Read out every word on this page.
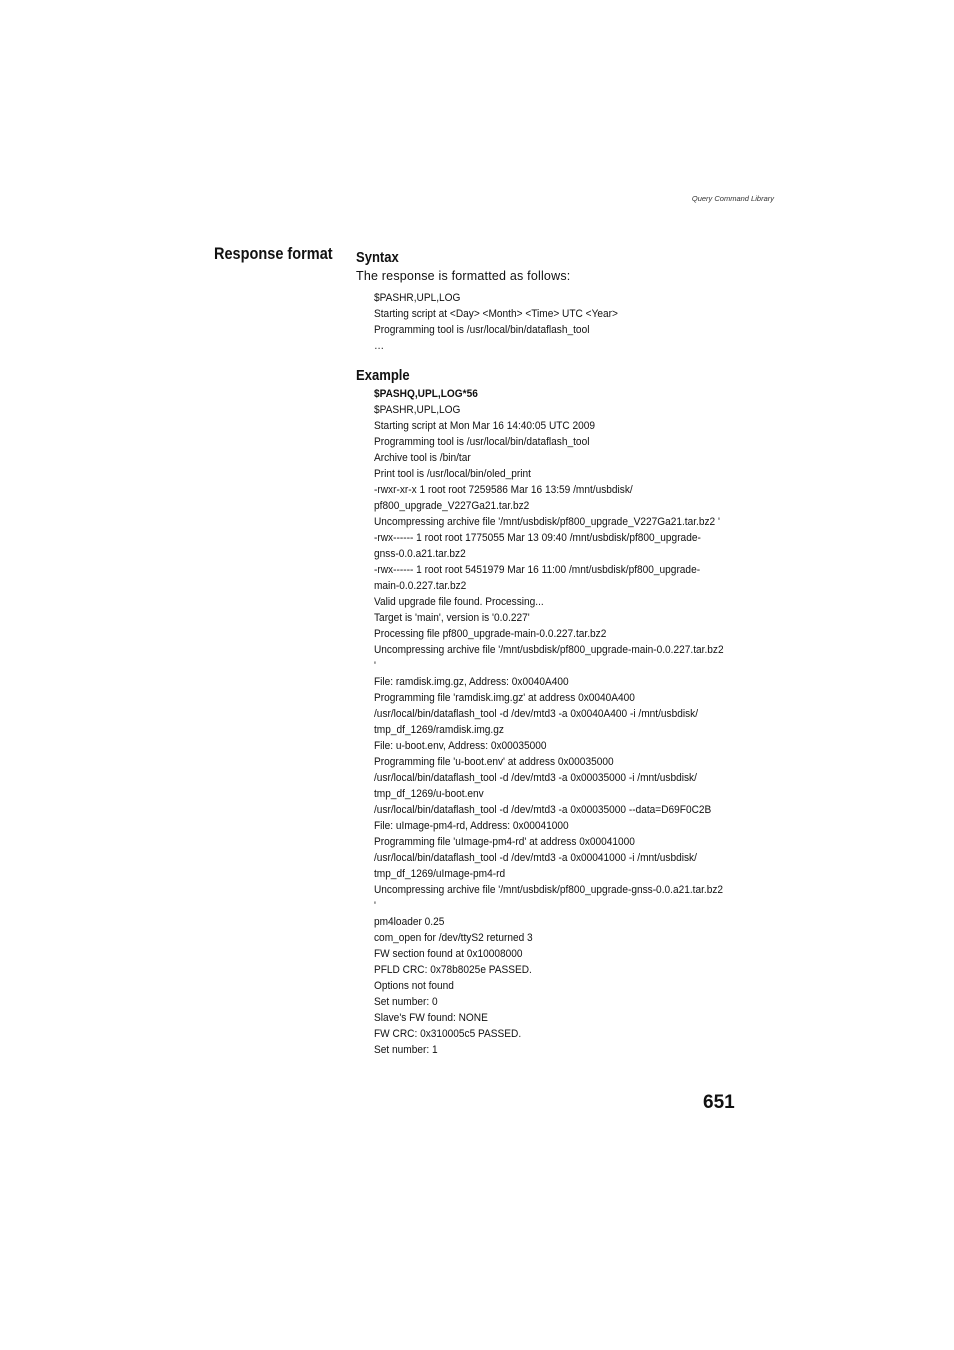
Query Command Library
Response format Syntax
The response is formatted as follows:
$PASHR,UPL,LOG
Starting script at <Day> <Month> <Time> UTC <Year>
Programming tool is /usr/local/bin/dataflash_tool
…
Example
$PASHQ,UPL,LOG*56
$PASHR,UPL,LOG
Starting script at Mon Mar 16 14:40:05 UTC 2009
Programming tool is /usr/local/bin/dataflash_tool
Archive tool is /bin/tar
Print tool is /usr/local/bin/oled_print
-rwxr-xr-x 1 root root 7259586 Mar 16 13:59 /mnt/usbdisk/
pf800_upgrade_V227Ga21.tar.bz2
Uncompressing archive file '/mnt/usbdisk/pf800_upgrade_V227Ga21.tar.bz2 '
-rwx------ 1 root root 1775055 Mar 13 09:40 /mnt/usbdisk/pf800_upgrade-
gnss-0.0.a21.tar.bz2
-rwx------ 1 root root 5451979 Mar 16 11:00 /mnt/usbdisk/pf800_upgrade-
main-0.0.227.tar.bz2
Valid upgrade file found. Processing...
Target is 'main', version is '0.0.227'
Processing file pf800_upgrade-main-0.0.227.tar.bz2
Uncompressing archive file '/mnt/usbdisk/pf800_upgrade-main-0.0.227.tar.bz2
'
File: ramdisk.img.gz, Address: 0x0040A400
Programming file 'ramdisk.img.gz' at address 0x0040A400
/usr/local/bin/dataflash_tool -d /dev/mtd3 -a 0x0040A400 -i /mnt/usbdisk/
tmp_df_1269/ramdisk.img.gz
File: u-boot.env, Address: 0x00035000
Programming file 'u-boot.env' at address 0x00035000
/usr/local/bin/dataflash_tool -d /dev/mtd3 -a 0x00035000 -i /mnt/usbdisk/
tmp_df_1269/u-boot.env
/usr/local/bin/dataflash_tool -d /dev/mtd3 -a 0x00035000 --data=D69F0C2B
File: uImage-pm4-rd, Address: 0x00041000
Programming file 'uImage-pm4-rd' at address 0x00041000
/usr/local/bin/dataflash_tool -d /dev/mtd3 -a 0x00041000 -i /mnt/usbdisk/
tmp_df_1269/uImage-pm4-rd
Uncompressing archive file '/mnt/usbdisk/pf800_upgrade-gnss-0.0.a21.tar.bz2
'
pm4loader 0.25
com_open for /dev/ttyS2 returned 3
FW section found at 0x10008000
PFLD CRC: 0x78b8025e PASSED.
Options not found
Set number: 0
Slave's FW found: NONE
FW CRC: 0x310005c5 PASSED.
Set number: 1
651
